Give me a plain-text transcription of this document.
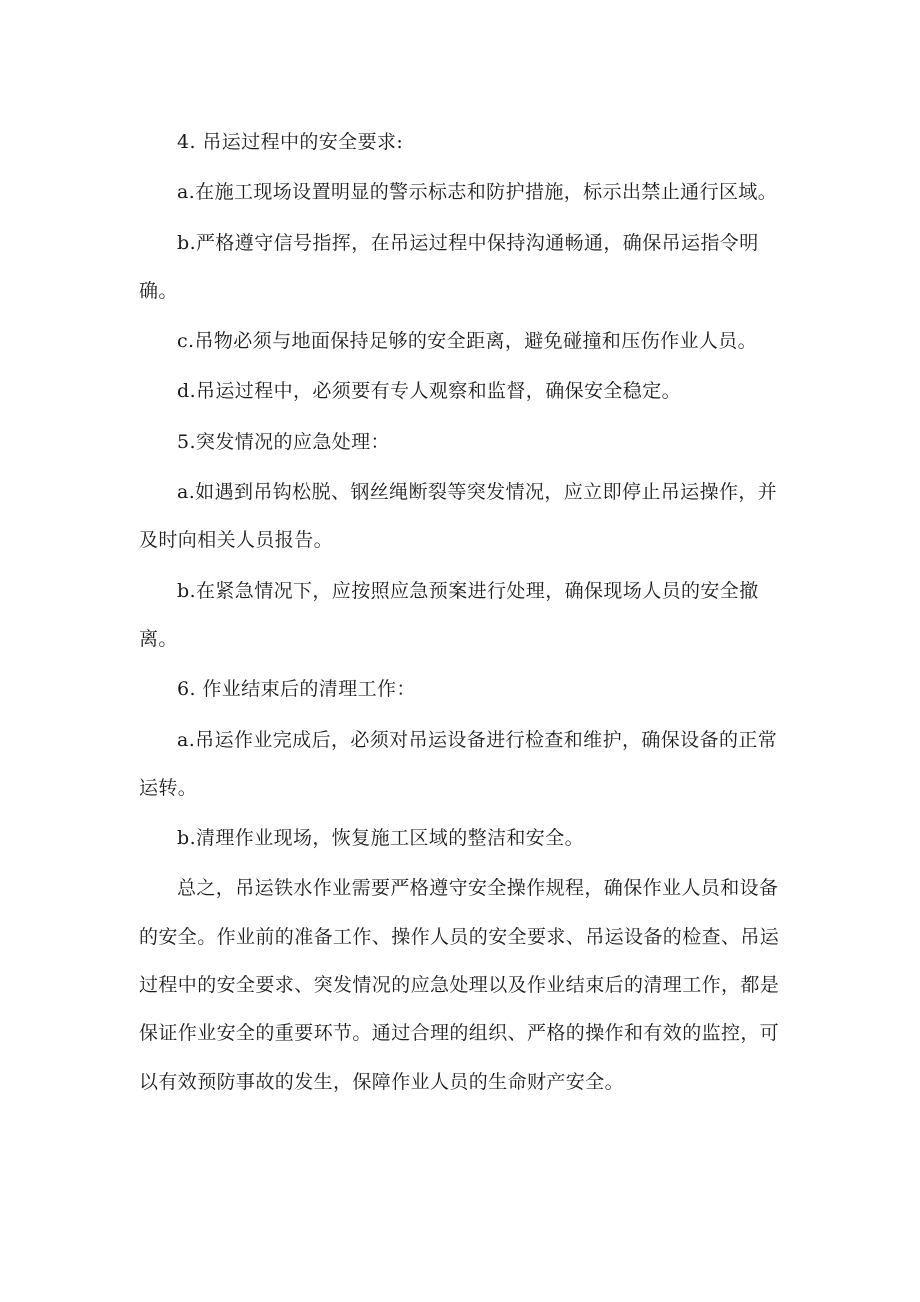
4. 吊运过程中的安全要求:

a.在施工现场设置明显的警示标志和防护措施，标示出禁止通行区域。

b.严格遵守信号指挥，在吊运过程中保持沟通畅通，确保吊运指令明确。

c.吊物必须与地面保持足够的安全距离，避免碰撞和压伤作业人员。

d.吊运过程中，必须要有专人观察和监督，确保安全稳定。

5.突发情况的应急处理：

a.如遇到吊钩松脱、钢丝绳断裂等突发情况，应立即停止吊运操作，并及时向相关人员报告。

b.在紧急情况下，应按照应急预案进行处理，确保现场人员的安全撤离。

6. 作业结束后的清理工作：

a.吊运作业完成后，必须对吊运设备进行检查和维护，确保设备的正常运转。

b.清理作业现场，恢复施工区域的整洁和安全。

总之，吊运铁水作业需要严格遵守安全操作规程，确保作业人员和设备的安全。作业前的准备工作、操作人员的安全要求、吊运设备的检查、吊运过程中的安全要求、突发情况的应急处理以及作业结束后的清理工作，都是保证作业安全的重要环节。通过合理的组织、严格的操作和有效的监控，可以有效预防事故的发生，保障作业人员的生命财产安全。
